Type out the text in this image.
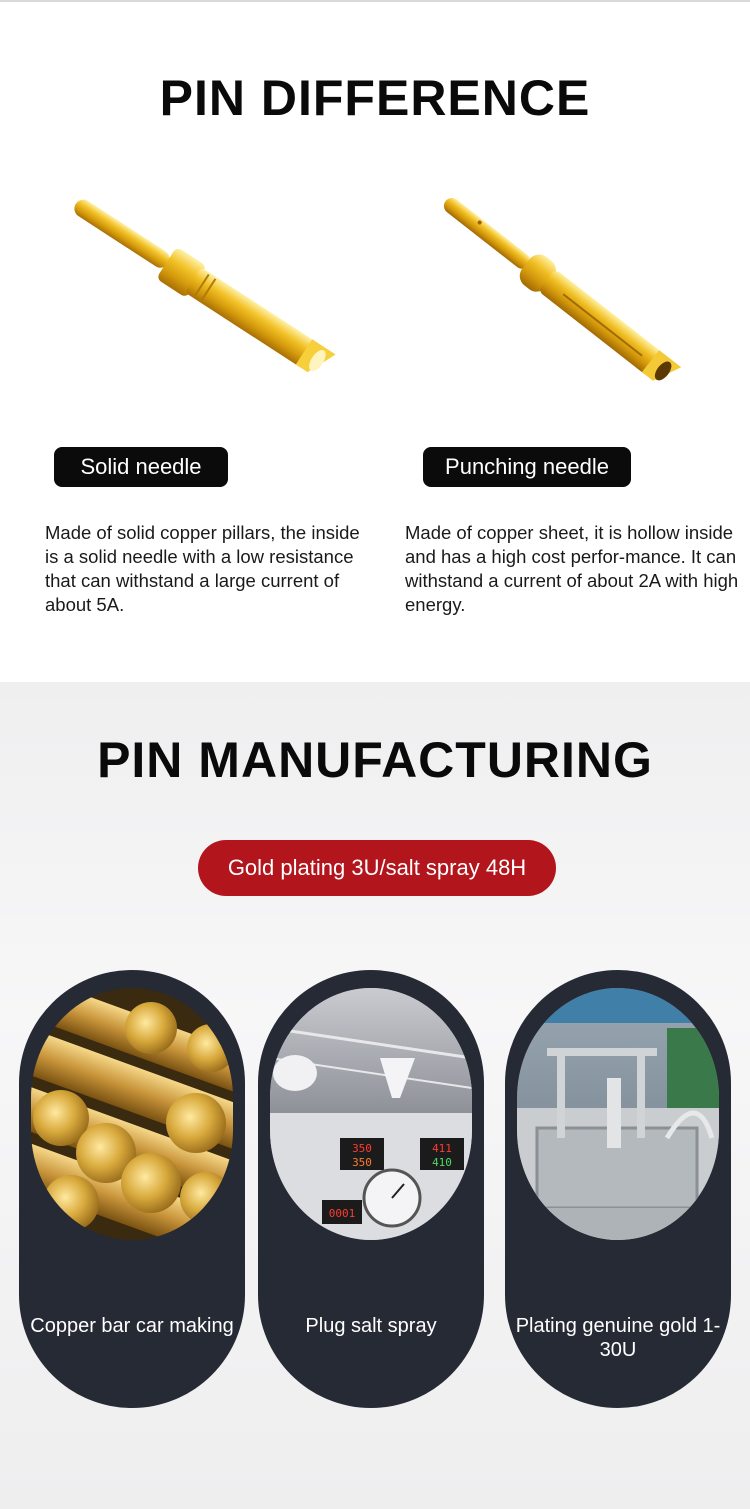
PIN DIFFERENCE
Solid needle	Punching needle

Made of solid copper pillars, the inside is a solid needle with a low resistance that can withstand a large current of about 5A.

Made of copper sheet, it is hollow inside and has a high cost perfor-mance. It can withstand a current of about 2A with high energy.

PIN MANUFACTURING
Gold plating 3U/salt spray 48H
Copper bar car making
350
350
411
410
0001
Plug salt spray	Plating genuine gold 1-30U
